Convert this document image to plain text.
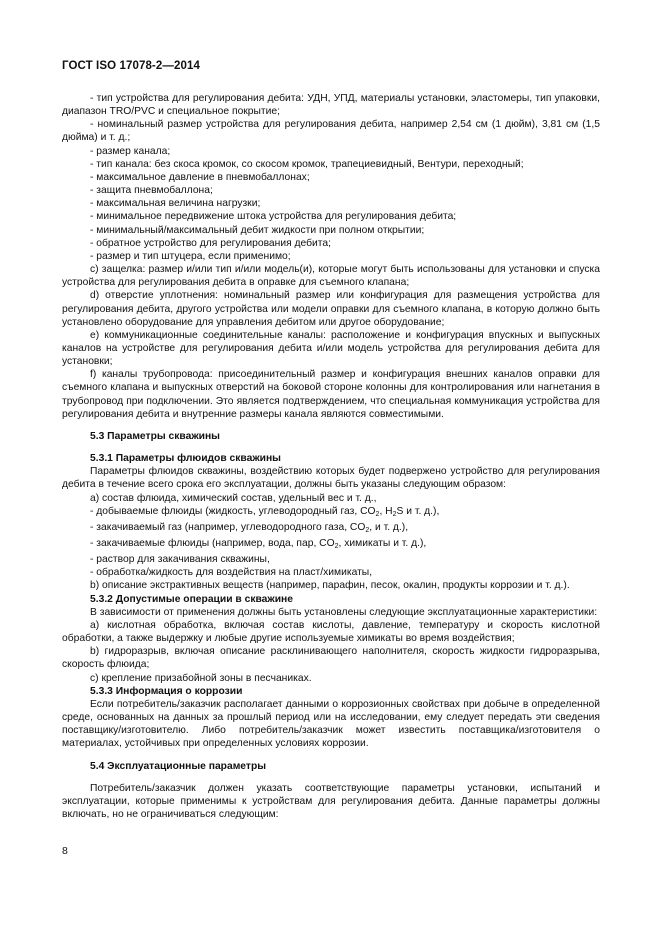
ГОСТ ISO 17078-2—2014

- тип устройства для регулирования дебита: УДН, УПД, материалы установки, эластомеры, тип упаковки, диапазон TRO/PVC и специальное покрытие;

- номинальный размер устройства для регулирования дебита, например 2,54 см (1 дюйм), 3,81 см (1,5 дюйма) и т. д.;

- размер канала;

- тип канала: без скоса кромок, со скосом кромок, трапециевидный, Вентури, переходный;

- максимальное давление в пневмобаллонах;

- защита пневмобаллона;

- максимальная величина нагрузки;

- минимальное передвижение штока устройства для регулирования дебита;

- минимальный/максимальный дебит жидкости при полном открытии;

- обратное устройство для регулирования дебита;

- размер и тип штуцера, если применимо;

c) защелка: размер и/или тип и/или модель(и), которые могут быть использованы для установки и спуска устройства для регулирования дебита в оправке для съемного клапана;

d) отверстие уплотнения: номинальный размер или конфигурация для размещения устройства для регулирования дебита, другого устройства или модели оправки для съемного клапана, в которую должно быть установлено оборудование для управления дебитом или другое оборудование;

e) коммуникационные соединительные каналы: расположение и конфигурация впускных и выпускных каналов на устройстве для регулирования дебита и/или модель устройства для регулирования дебита для установки;

f) каналы трубопровода: присоединительный размер и конфигурация внешних каналов оправки для съемного клапана и выпускных отверстий на боковой стороне колонны для контролирования или нагнетания в трубопровод при подключении. Это является подтверждением, что специальная коммуникация устройства для регулирования дебита и внутренние размеры канала являются совместимыми.

5.3 Параметры скважины
5.3.1 Параметры флюидов скважины

Параметры флюидов скважины, воздействию которых будет подвержено устройство для регулирования дебита в течение всего срока его эксплуатации, должны быть указаны следующим образом:

a) состав флюида, химический состав, удельный вес и т. д.,

- добываемые флюиды (жидкость, углеводородный газ, CO2, H2S и т. д.),

- закачиваемый газ (например, углеводородного газа, CO2, и т. д.),

- закачиваемые флюиды (например, вода, пар, CO2, химикаты и т. д.),

- раствор для закачивания скважины,

- обработка/жидкость для воздействия на пласт/химикаты,

b) описание экстрактивных веществ (например, парафин, песок, окалин, продукты коррозии и т. д.).

5.3.2 Допустимые операции в скважине

В зависимости от применения должны быть установлены следующие эксплуатационные характеристики:

a) кислотная обработка, включая состав кислоты, давление, температуру и скорость кислотной обработки, а также выдержку и любые другие используемые химикаты во время воздействия;

b) гидроразрыв, включая описание расклинивающего наполнителя, скорость жидкости гидроразрыва, скорость флюида;

c) крепление призабойной зоны в песчаниках.

5.3.3 Информация о коррозии

Если потребитель/заказчик располагает данными о коррозионных свойствах при добыче в определенной среде, основанных на данных за прошлый период или на исследовании, ему следует передать эти сведения поставщику/изготовителю. Либо потребитель/заказчик может известить поставщика/изготовителя о материалах, устойчивых при определенных условиях коррозии.

5.4 Эксплуатационные параметры

Потребитель/заказчик должен указать соответствующие параметры установки, испытаний и эксплуатации, которые применимы к устройствам для регулирования дебита. Данные параметры должны включать, но не ограничиваться следующим:

8
